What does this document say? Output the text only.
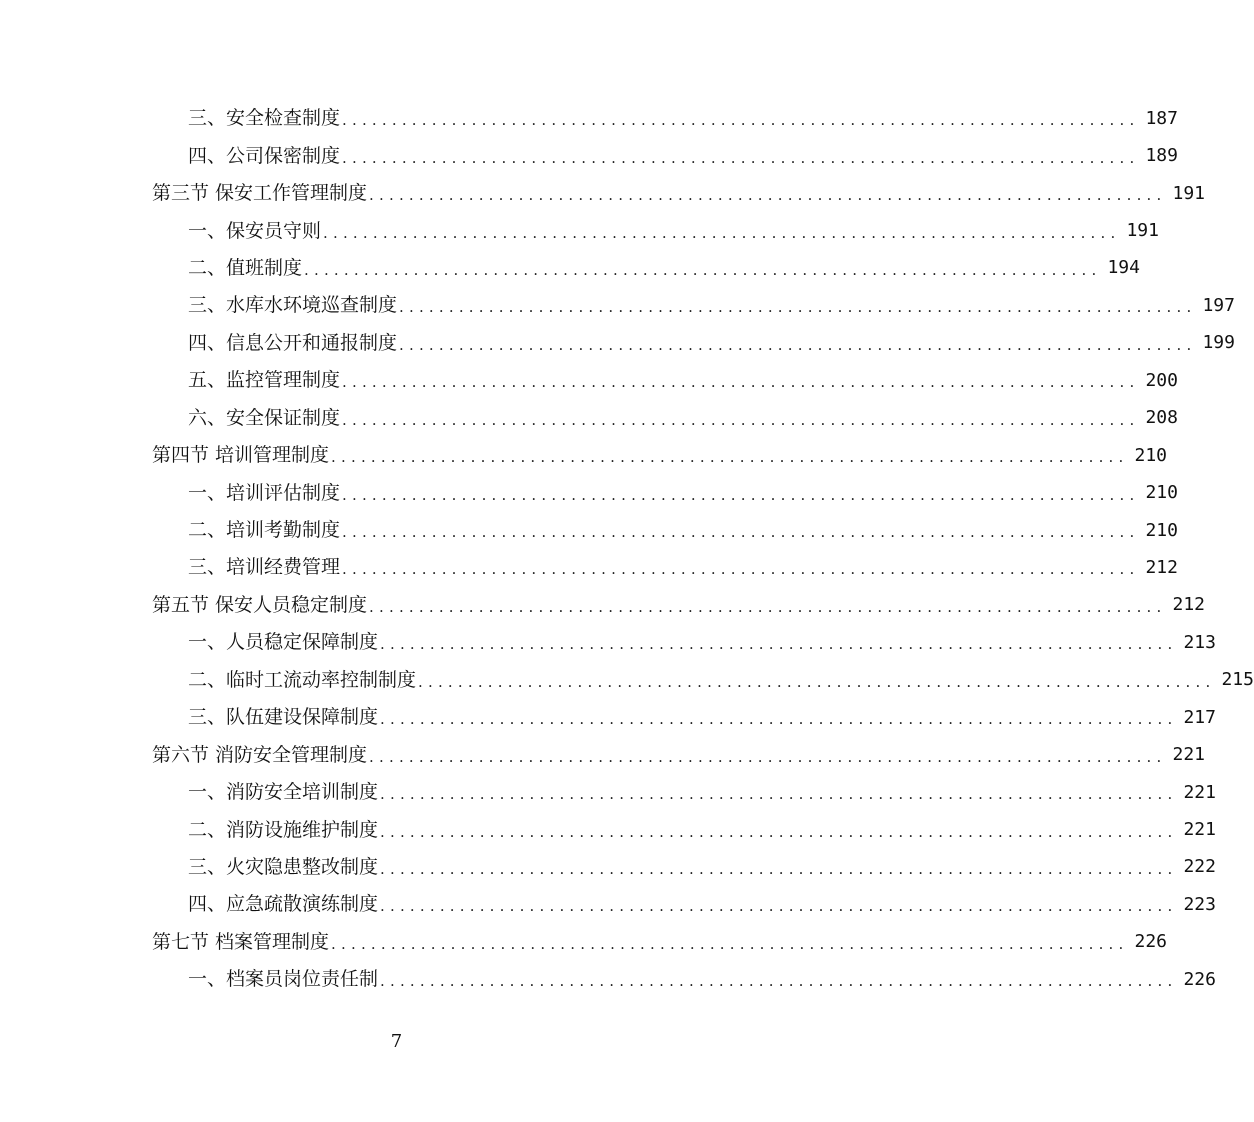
三、安全检查制度 ................................................................................ 187
四、公司保密制度 ................................................................................ 189
第三节 保安工作管理制度 ................................................................................ 191
一、保安员守则 ................................................................................ 191
二、值班制度 ................................................................................ 194
三、水库水环境巡查制度 ................................................................................ 197
四、信息公开和通报制度 ................................................................................ 199
五、监控管理制度 ................................................................................ 200
六、安全保证制度 ................................................................................ 208
第四节 培训管理制度 ................................................................................ 210
一、培训评估制度 ................................................................................ 210
二、培训考勤制度 ................................................................................ 210
三、培训经费管理 ................................................................................ 212
第五节 保安人员稳定制度 ................................................................................ 212
一、人员稳定保障制度 ................................................................................ 213
二、临时工流动率控制制度 ................................................................................ 215
三、队伍建设保障制度 ................................................................................ 217
第六节 消防安全管理制度 ................................................................................ 221
一、消防安全培训制度 ................................................................................ 221
二、消防设施维护制度 ................................................................................ 221
三、火灾隐患整改制度 ................................................................................ 222
四、应急疏散演练制度 ................................................................................ 223
第七节 档案管理制度 ................................................................................ 226
一、档案员岗位责任制 ................................................................................ 226
7
